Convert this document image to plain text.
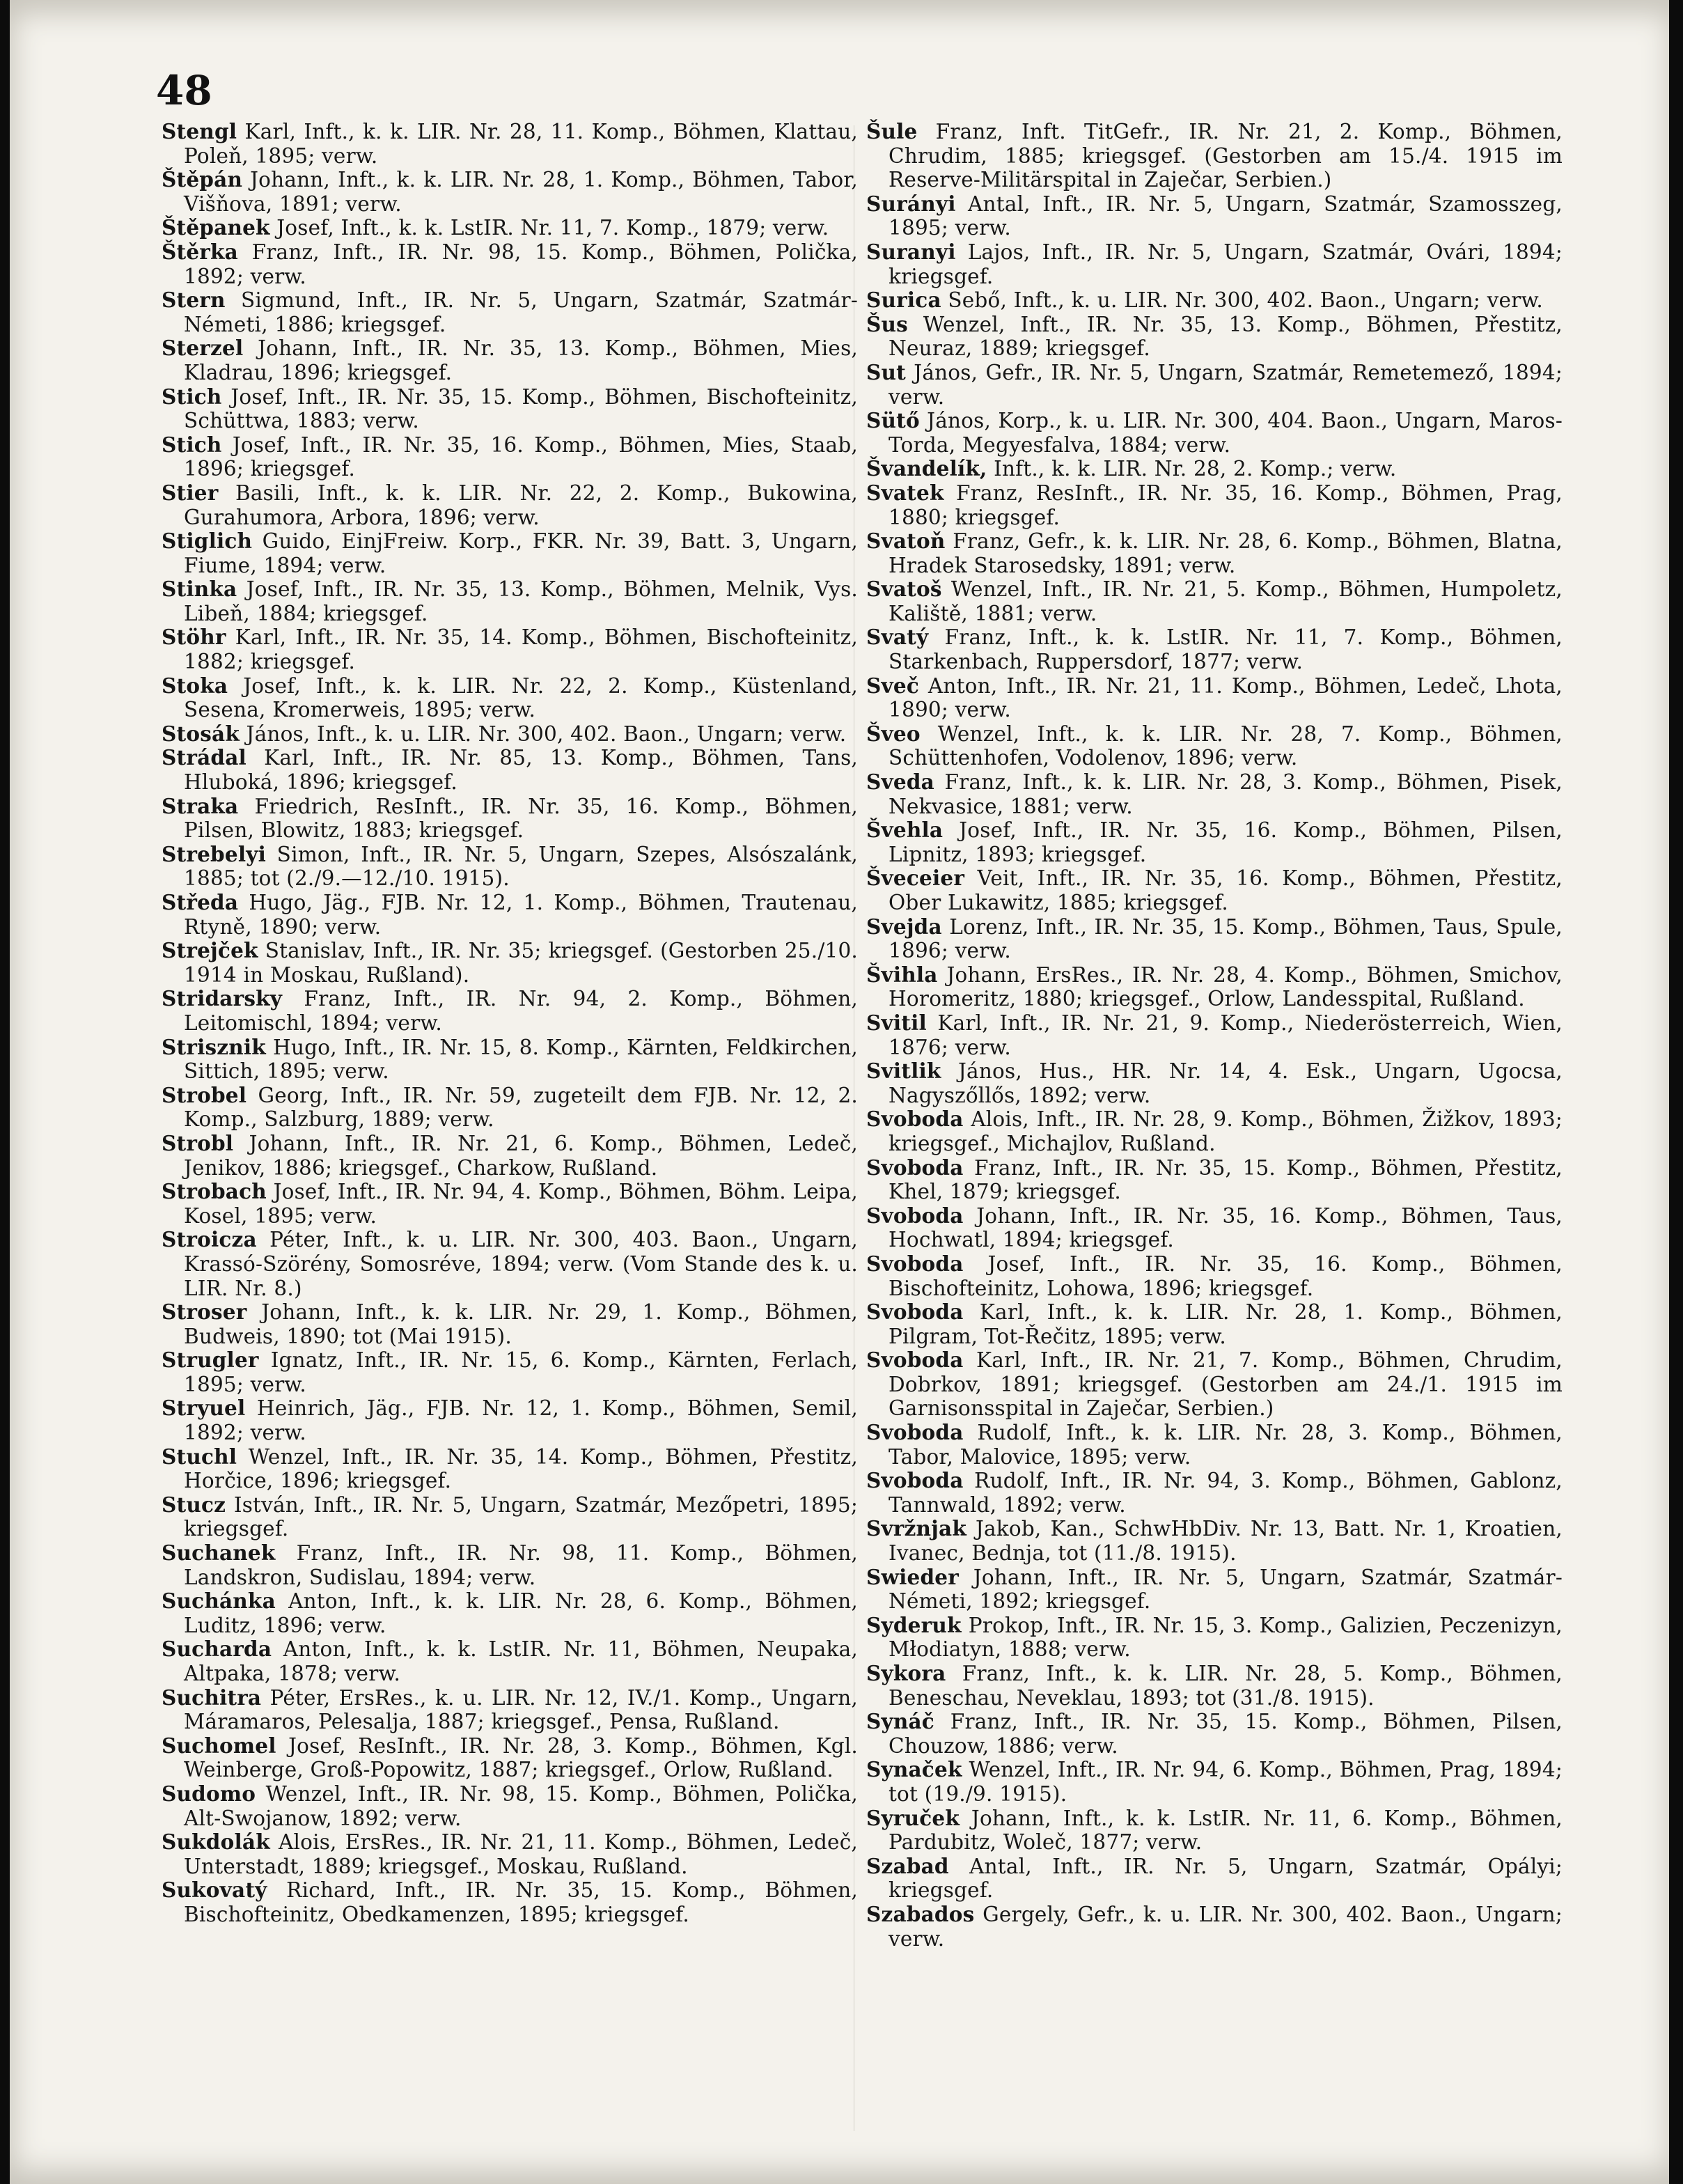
48

Stengl Karl, Inft., k. k. LIR. Nr. 28, 11. Komp., Böhmen, Klattau, Poleň, 1895; verw.

Štěpán Johann, Inft., k. k. LIR. Nr. 28, 1. Komp., Böhmen, Tabor, Višňova, 1891; verw.

Štěpanek Josef, Inft., k. k. LstIR. Nr. 11, 7. Komp., 1879; verw.

Štěrka Franz, Inft., IR. Nr. 98, 15. Komp., Böhmen, Polička, 1892; verw.

Stern Sigmund, Inft., IR. Nr. 5, Ungarn, Szatmár, Szatmár-Németi, 1886; kriegsgef.

Sterzel Johann, Inft., IR. Nr. 35, 13. Komp., Böhmen, Mies, Kladrau, 1896; kriegsgef.

Stich Josef, Inft., IR. Nr. 35, 15. Komp., Böhmen, Bischofteinitz, Schüttwa, 1883; verw.

Stich Josef, Inft., IR. Nr. 35, 16. Komp., Böhmen, Mies, Staab, 1896; kriegsgef.

Stier Basili, Inft., k. k. LIR. Nr. 22, 2. Komp., Bukowina, Gurahumora, Arbora, 1896; verw.

Stiglich Guido, EinjFreiw. Korp., FKR. Nr. 39, Batt. 3, Ungarn, Fiume, 1894; verw.

Stinka Josef, Inft., IR. Nr. 35, 13. Komp., Böhmen, Melnik, Vys. Libeň, 1884; kriegsgef.

Stöhr Karl, Inft., IR. Nr. 35, 14. Komp., Böhmen, Bischofteinitz, 1882; kriegsgef.

Stoka Josef, Inft., k. k. LIR. Nr. 22, 2. Komp., Küstenland, Sesena, Kromerweis, 1895; verw.

Stosák János, Inft., k. u. LIR. Nr. 300, 402. Baon., Ungarn; verw.

Strádal Karl, Inft., IR. Nr. 85, 13. Komp., Böhmen, Tans, Hluboká, 1896; kriegsgef.

Straka Friedrich, ResInft., IR. Nr. 35, 16. Komp., Böhmen, Pilsen, Blowitz, 1883; kriegsgef.

Strebelyi Simon, Inft., IR. Nr. 5, Ungarn, Szepes, Alsószalánk, 1885; tot (2./9.—12./10. 1915).

Středa Hugo, Jäg., FJB. Nr. 12, 1. Komp., Böhmen, Trautenau, Rtyně, 1890; verw.

Strejček Stanislav, Inft., IR. Nr. 35; kriegsgef. (Gestorben 25./10. 1914 in Moskau, Rußland).

Stridarsky Franz, Inft., IR. Nr. 94, 2. Komp., Böhmen, Leitomischl, 1894; verw.

Strisznik Hugo, Inft., IR. Nr. 15, 8. Komp., Kärnten, Feldkirchen, Sittich, 1895; verw.

Strobel Georg, Inft., IR. Nr. 59, zugeteilt dem FJB. Nr. 12, 2. Komp., Salzburg, 1889; verw.

Strobl Johann, Inft., IR. Nr. 21, 6. Komp., Böhmen, Ledeč, Jenikov, 1886; kriegsgef., Charkow, Rußland.

Strobach Josef, Inft., IR. Nr. 94, 4. Komp., Böhmen, Böhm. Leipa, Kosel, 1895; verw.

Stroicza Péter, Inft., k. u. LIR. Nr. 300, 403. Baon., Ungarn, Krassó-Szörény, Somosréve, 1894; verw. (Vom Stande des k. u. LIR. Nr. 8.)

Stroser Johann, Inft., k. k. LIR. Nr. 29, 1. Komp., Böhmen, Budweis, 1890; tot (Mai 1915).

Strugler Ignatz, Inft., IR. Nr. 15, 6. Komp., Kärnten, Ferlach, 1895; verw.

Stryuel Heinrich, Jäg., FJB. Nr. 12, 1. Komp., Böhmen, Semil, 1892; verw.

Stuchl Wenzel, Inft., IR. Nr. 35, 14. Komp., Böhmen, Přestitz, Horčice, 1896; kriegsgef.

Stucz István, Inft., IR. Nr. 5, Ungarn, Szatmár, Mezőpetri, 1895; kriegsgef.

Suchanek Franz, Inft., IR. Nr. 98, 11. Komp., Böhmen, Landskron, Sudislau, 1894; verw.

Suchánka Anton, Inft., k. k. LIR. Nr. 28, 6. Komp., Böhmen, Luditz, 1896; verw.

Suchardа Anton, Inft., k. k. LstIR. Nr. 11, Böhmen, Neupaka, Altpaka, 1878; verw.

Suchitra Péter, ErsRes., k. u. LIR. Nr. 12, IV./1. Komp., Ungarn, Máramaros, Pelesalja, 1887; kriegsgef., Pensa, Rußland.

Suchomel Josef, ResInft., IR. Nr. 28, 3. Komp., Böhmen, Kgl. Weinberge, Groß-Popowitz, 1887; kriegsgef., Orlow, Rußland.

Sudomo Wenzel, Inft., IR. Nr. 98, 15. Komp., Böhmen, Polička, Alt-Swojanow, 1892; verw.

Sukdolák Alois, ErsRes., IR. Nr. 21, 11. Komp., Böhmen, Ledeč, Unterstadt, 1889; kriegsgef., Moskau, Rußland.

Sukovatý Richard, Inft., IR. Nr. 35, 15. Komp., Böhmen, Bischofteinitz, Obedkamenzen, 1895; kriegsgef.

Šule Franz, Inft. TitGefr., IR. Nr. 21, 2. Komp., Böhmen, Chrudim, 1885; kriegsgef. (Gestorben am 15./4. 1915 im Reserve-Militärspital in Zaječar, Serbien.)

Surányi Antal, Inft., IR. Nr. 5, Ungarn, Szatmár, Szamosszeg, 1895; verw.

Suranyi Lajos, Inft., IR. Nr. 5, Ungarn, Szatmár, Ovári, 1894; kriegsgef.

Surica Sebő, Inft., k. u. LIR. Nr. 300, 402. Baon., Ungarn; verw.

Šus Wenzel, Inft., IR. Nr. 35, 13. Komp., Böhmen, Přestitz, Neuraz, 1889; kriegsgef.

Sut János, Gefr., IR. Nr. 5, Ungarn, Szatmár, Remetemező, 1894; verw.

Sütő János, Korp., k. u. LIR. Nr. 300, 404. Baon., Ungarn, Maros-Torda, Megyesfalva, 1884; verw.

Švandelík, Inft., k. k. LIR. Nr. 28, 2. Komp.; verw.

Svatek Franz, ResInft., IR. Nr. 35, 16. Komp., Böhmen, Prag, 1880; kriegsgef.

Svatoň Franz, Gefr., k. k. LIR. Nr. 28, 6. Komp., Böhmen, Blatna, Hradek Starosedsky, 1891; verw.

Svatoš Wenzel, Inft., IR. Nr. 21, 5. Komp., Böhmen, Humpoletz, Kaliště, 1881; verw.

Svatý Franz, Inft., k. k. LstIR. Nr. 11, 7. Komp., Böhmen, Starkenbach, Ruppersdorf, 1877; verw.

Sveč Anton, Inft., IR. Nr. 21, 11. Komp., Böhmen, Ledeč, Lhota, 1890; verw.

Šveo Wenzel, Inft., k. k. LIR. Nr. 28, 7. Komp., Böhmen, Schüttenhofen, Vodolenov, 1896; verw.

Sveda Franz, Inft., k. k. LIR. Nr. 28, 3. Komp., Böhmen, Pisek, Nekvasice, 1881; verw.

Švehla Josef, Inft., IR. Nr. 35, 16. Komp., Böhmen, Pilsen, Lipnitz, 1893; kriegsgef.

Šveceier Veit, Inft., IR. Nr. 35, 16. Komp., Böhmen, Přestitz, Ober Lukawitz, 1885; kriegsgef.

Svejda Lorenz, Inft., IR. Nr. 35, 15. Komp., Böhmen, Taus, Spule, 1896; verw.

Švihla Johann, ErsRes., IR. Nr. 28, 4. Komp., Böhmen, Smichov, Horomeritz, 1880; kriegsgef., Orlow, Landesspital, Rußland.

Svitil Karl, Inft., IR. Nr. 21, 9. Komp., Niederösterreich, Wien, 1876; verw.

Svitlik János, Hus., HR. Nr. 14, 4. Esk., Ungarn, Ugocsa, Nagyszőllős, 1892; verw.

Svoboda Alois, Inft., IR. Nr. 28, 9. Komp., Böhmen, Žižkov, 1893; kriegsgef., Michajlov, Rußland.

Svoboda Franz, Inft., IR. Nr. 35, 15. Komp., Böhmen, Přestitz, Khel, 1879; kriegsgef.

Svoboda Johann, Inft., IR. Nr. 35, 16. Komp., Böhmen, Taus, Hochwatl, 1894; kriegsgef.

Svoboda Josef, Inft., IR. Nr. 35, 16. Komp., Böhmen, Bischofteinitz, Lohowa, 1896; kriegsgef.

Svoboda Karl, Inft., k. k. LIR. Nr. 28, 1. Komp., Böhmen, Pilgram, Tot-Řečitz, 1895; verw.

Svoboda Karl, Inft., IR. Nr. 21, 7. Komp., Böhmen, Chrudim, Dobrkov, 1891; kriegsgef. (Gestorben am 24./1. 1915 im Garnisonsspital in Zaječar, Serbien.)

Svoboda Rudolf, Inft., k. k. LIR. Nr. 28, 3. Komp., Böhmen, Tabor, Malovice, 1895; verw.

Svoboda Rudolf, Inft., IR. Nr. 94, 3. Komp., Böhmen, Gablonz, Tannwald, 1892; verw.

Svržnjak Jakob, Kan., SchwHbDiv. Nr. 13, Batt. Nr. 1, Kroatien, Ivanec, Bednja, tot (11./8. 1915).

Swieder Johann, Inft., IR. Nr. 5, Ungarn, Szatmár, Szatmár-Németi, 1892; kriegsgef.

Syderuk Prokop, Inft., IR. Nr. 15, 3. Komp., Galizien, Peczenizyn, Młodiatyn, 1888; verw.

Sykora Franz, Inft., k. k. LIR. Nr. 28, 5. Komp., Böhmen, Beneschau, Neveklau, 1893; tot (31./8. 1915).

Synáč Franz, Inft., IR. Nr. 35, 15. Komp., Böhmen, Pilsen, Chouzow, 1886; verw.

Synaček Wenzel, Inft., IR. Nr. 94, 6. Komp., Böhmen, Prag, 1894; tot (19./9. 1915).

Syruček Johann, Inft., k. k. LstIR. Nr. 11, 6. Komp., Böhmen, Pardubitz, Woleč, 1877; verw.

Szabad Antal, Inft., IR. Nr. 5, Ungarn, Szatmár, Opályi; kriegsgef.

Szabados Gergely, Gefr., k. u. LIR. Nr. 300, 402. Baon., Ungarn; verw.
